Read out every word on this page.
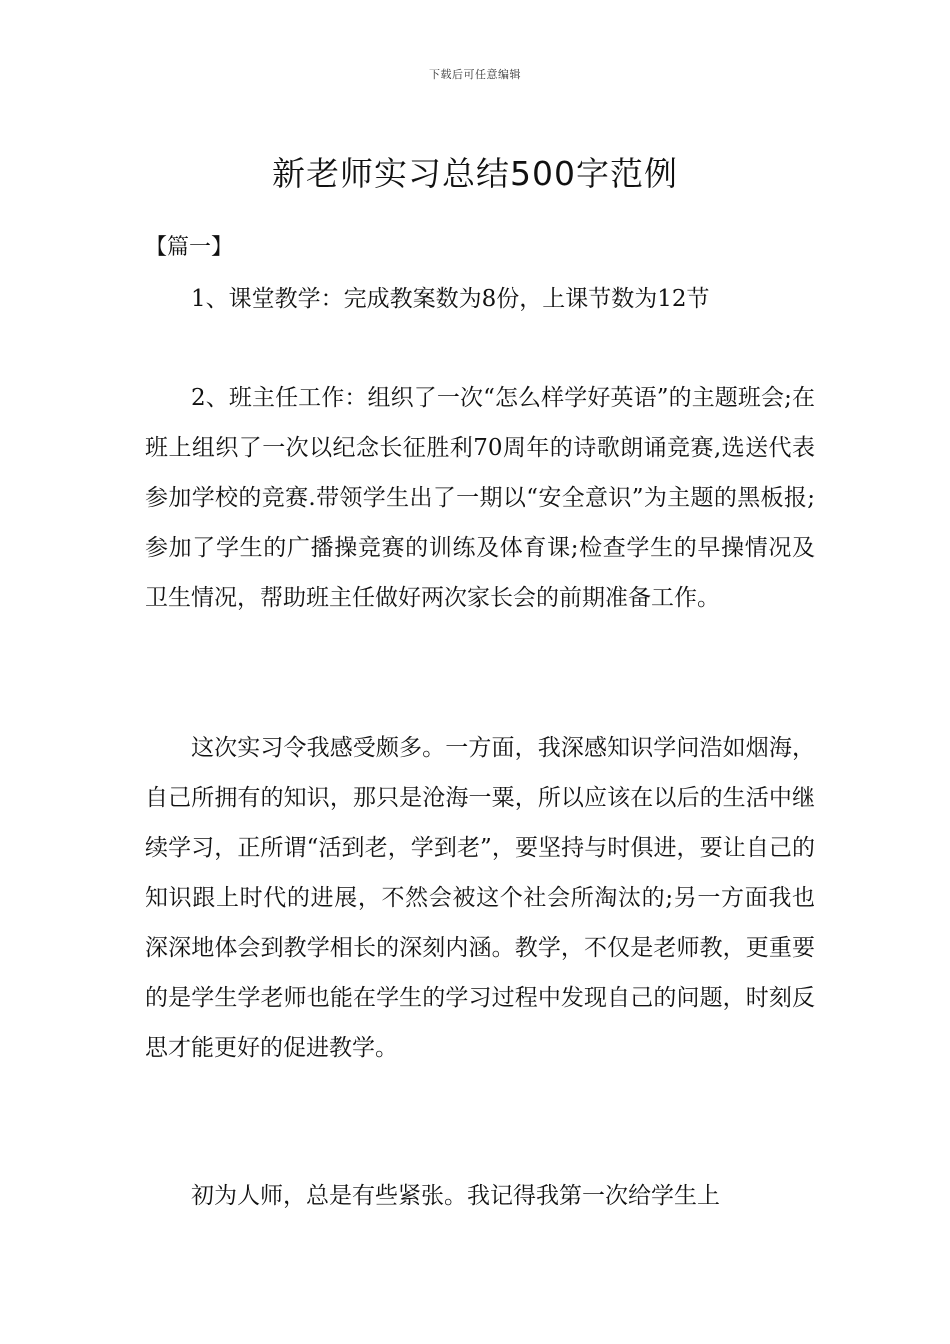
下载后可任意编辑
新老师实习总结500字范例
【篇一】

1、课堂教学：完成教案数为8份，上课节数为12节

2、班主任工作：组织了一次“怎么样学好英语”的主题班会;在班上组织了一次以纪念长征胜利70周年的诗歌朗诵竞赛,选送代表参加学校的竞赛.带领学生出了一期以“安全意识”为主题的黑板报;参加了学生的广播操竞赛的训练及体育课;检查学生的早操情况及卫生情况，帮助班主任做好两次家长会的前期准备工作。

这次实习令我感受颇多。一方面，我深感知识学问浩如烟海，自己所拥有的知识，那只是沧海一粟，所以应该在以后的生活中继续学习，正所谓“活到老，学到老”，要坚持与时俱进，要让自己的知识跟上时代的进展，不然会被这个社会所淘汰的;另一方面我也深深地体会到教学相长的深刻内涵。教学，不仅是老师教，更重要的是学生学老师也能在学生的学习过程中发现自己的问题，时刻反思才能更好的促进教学。

初为人师，总是有些紧张。我记得我第一次给学生上
